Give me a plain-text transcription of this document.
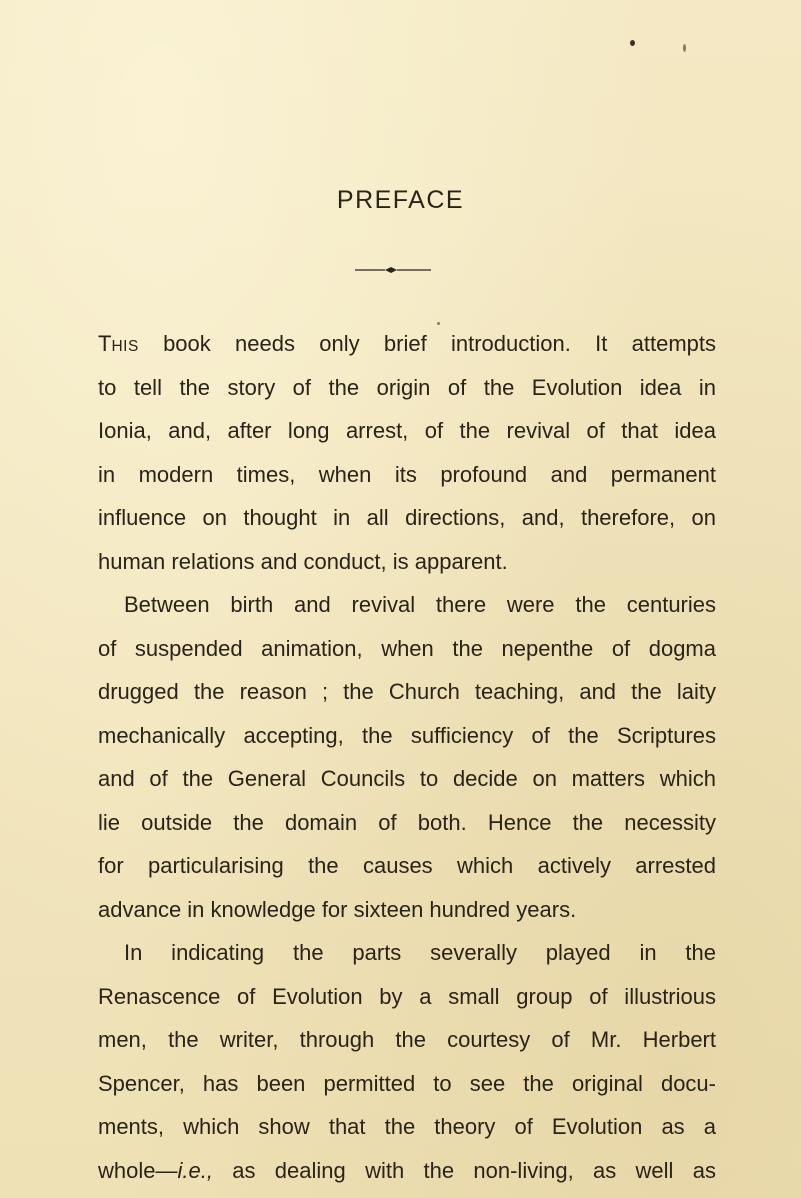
PREFACE
THIS book needs only brief introduction. It attempts
to tell the story of the origin of the Evolution idea in
Ionia, and, after long arrest, of the revival of that idea
in modern times, when its profound and permanent
influence on thought in all directions, and, therefore, on
human relations and conduct, is apparent.
Between birth and revival there were the centuries
of suspended animation, when the nepenthe of dogma
drugged the reason ; the Church teaching, and the laity
mechanically accepting, the sufficiency of the Scriptures
and of the General Councils to decide on matters which
lie outside the domain of both. Hence the necessity
for particularising the causes which actively arrested
advance in knowledge for sixteen hundred years.
In indicating the parts severally played in the
Renascence of Evolution by a small group of illustrious
men, the writer, through the courtesy of Mr. Herbert
Spencer, has been permitted to see the original docu-
ments, which show that the theory of Evolution as a
whole—i.e., as dealing with the non-living, as well as
